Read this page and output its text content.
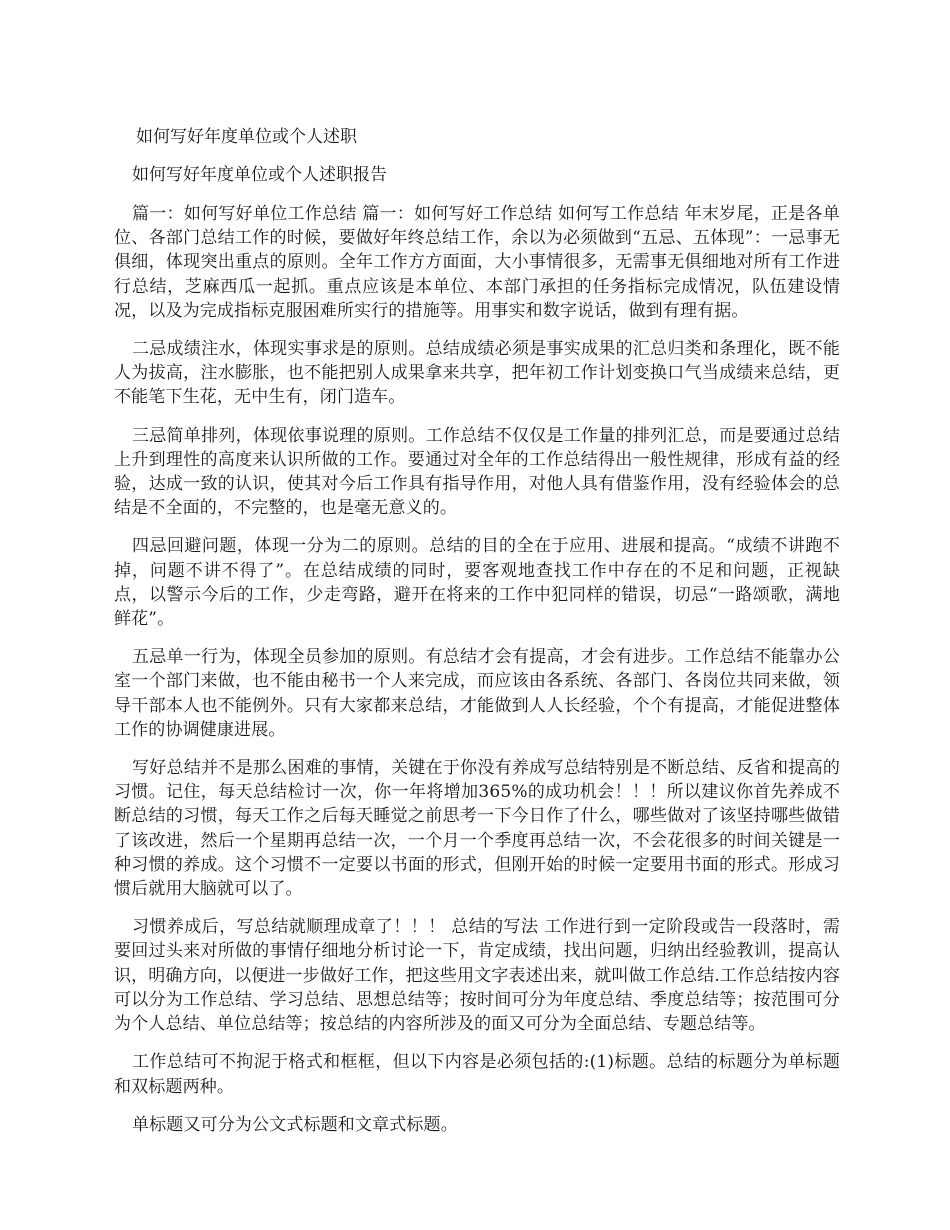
如何写好年度单位或个人述职
如何写好年度单位或个人述职报告

篇一：如何写好单位工作总结 篇一：如何写好工作总结 如何写工作总结 年末岁尾，正是各单位、各部门总结工作的时候，要做好年终总结工作，余以为必须做到“五忌、五体现”：一忌事无俱细，体现突出重点的原则。全年工作方方面面，大小事情很多，无需事无俱细地对所有工作进行总结，芝麻西瓜一起抓。重点应该是本单位、本部门承担的任务指标完成情况，队伍建设情况，以及为完成指标克服困难所实行的措施等。用事实和数字说话，做到有理有据。

二忌成绩注水，体现实事求是的原则。总结成绩必须是事实成果的汇总归类和条理化，既不能人为拔高，注水膨胀，也不能把别人成果拿来共享，把年初工作计划变换口气当成绩来总结，更不能笔下生花，无中生有，闭门造车。

三忌简单排列，体现依事说理的原则。工作总结不仅仅是工作量的排列汇总，而是要通过总结上升到理性的高度来认识所做的工作。要通过对全年的工作总结得出一般性规律，形成有益的经验，达成一致的认识，使其对今后工作具有指导作用，对他人具有借鉴作用，没有经验体会的总结是不全面的，不完整的，也是毫无意义的。

四忌回避问题，体现一分为二的原则。总结的目的全在于应用、进展和提高。“成绩不讲跑不掉，问题不讲不得了”。在总结成绩的同时，要客观地查找工作中存在的不足和问题，正视缺点，以警示今后的工作，少走弯路，避开在将来的工作中犯同样的错误，切忌“一路颂歌，满地鲜花”。

五忌单一行为，体现全员参加的原则。有总结才会有提高，才会有进步。工作总结不能靠办公室一个部门来做，也不能由秘书一个人来完成，而应该由各系统、各部门、各岗位共同来做，领导干部本人也不能例外。只有大家都来总结，才能做到人人长经验，个个有提高，才能促进整体工作的协调健康进展。

写好总结并不是那么困难的事情，关键在于你没有养成写总结特别是不断总结、反省和提高的习惯。记住，每天总结检讨一次，你一年将增加365%的成功机会！！！所以建议你首先养成不断总结的习惯，每天工作之后每天睡觉之前思考一下今日作了什么，哪些做对了该坚持哪些做错了该改进，然后一个星期再总结一次，一个月一个季度再总结一次，不会花很多的时间关键是一种习惯的养成。这个习惯不一定要以书面的形式，但刚开始的时候一定要用书面的形式。形成习惯后就用大脑就可以了。

习惯养成后，写总结就顺理成章了！！！ 总结的写法 工作进行到一定阶段或告一段落时，需要回过头来对所做的事情仔细地分析讨论一下，肯定成绩，找出问题，归纳出经验教训，提高认识，明确方向，以便进一步做好工作，把这些用文字表述出来，就叫做工作总结.工作总结按内容可以分为工作总结、学习总结、思想总结等；按时间可分为年度总结、季度总结等；按范围可分为个人总结、单位总结等；按总结的内容所涉及的面又可分为全面总结、专题总结等。

工作总结可不拘泥于格式和框框，但以下内容是必须包括的:(1)标题。总结的标题分为单标题和双标题两种。

单标题又可分为公文式标题和文章式标题。
